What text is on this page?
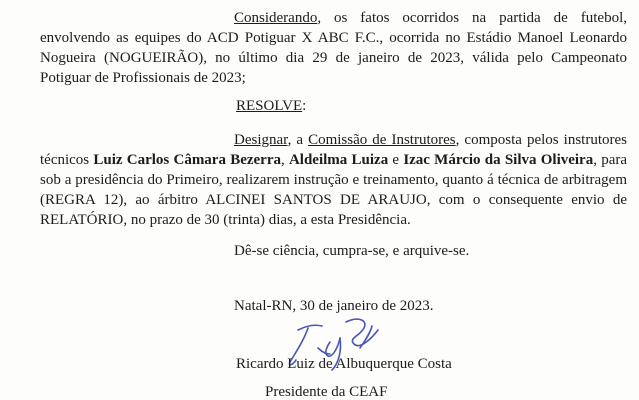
Considerando, os fatos ocorridos na partida de futebol, envolvendo as equipes do ACD Potiguar X ABC F.C., ocorrida no Estádio Manoel Leonardo Nogueira (NOGUEIRÃO), no último dia 29 de janeiro de 2023, válida pelo Campeonato Potiguar de Profissionais de 2023;

RESOLVE:

Designar, a Comissão de Instrutores, composta pelos instrutores técnicos Luiz Carlos Câmara Bezerra, Aldeilma Luiza e Izac Márcio da Silva Oliveira, para sob a presidência do Primeiro, realizarem instrução e treinamento, quanto á técnica de arbitragem (REGRA 12), ao árbitro ALCINEI SANTOS DE ARAUJO, com o consequente envio de RELATÓRIO, no prazo de 30 (trinta) dias, a esta Presidência.

Dê-se ciência, cumpra-se, e arquive-se.

Natal-RN, 30 de janeiro de 2023.

Ricardo Luiz de Albuquerque Costa

Presidente da CEAF
